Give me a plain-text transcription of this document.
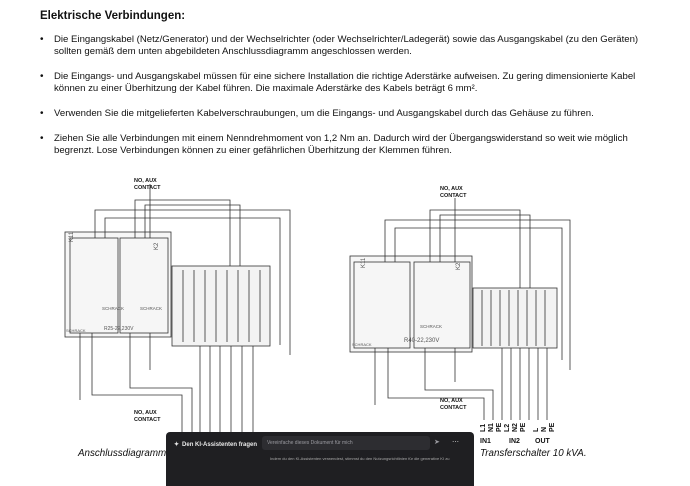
Elektrische Verbindungen:
• Die Eingangskabel (Netz/Generator) und der Wechselrichter (oder Wechselrichter/Ladegerät) sowie das Ausgangskabel (zu den Geräten) sollten gemäß dem unten abgebildeten Anschlussdiagramm angeschlossen werden.
• Die Eingangs- und Ausgangskabel müssen für eine sichere Installation die richtige Aderstärke aufweisen. Zu gering dimensionierte Kabel können zu einer Überhitzung der Kabel führen. Die maximale Aderstärke des Kabels beträgt 6 mm².
• Verwenden Sie die mitgelieferten Kabelverschraubungen, um die Eingangs- und Ausgangskabel durch das Gehäuse zu führen.
• Ziehen Sie alle Verbindungen mit einem Nenndrehmoment von 1,2 Nm an. Dadurch wird der Übergangswiderstand so weit wie möglich begrenzt. Lose Verbindungen können zu einer gefährlichen Überhitzung der Klemmen führen.
NO, AUX
CONTACT
NO, AUX
CONTACT
K11
K2
SCHRACK	SCHRACK
SCHRACK	R25-22,230V
NO, AUX
CONTACT
NO, AUX
CONTACT
K11	K2
SCHRACK
SCHRACK
R40-22,230V
L1 N1 PE L2 N2 PE L N PE
IN1	IN2 OUT
Anschlussdiagramm	Transferschalter 10 kVA.
✦ Den KI-Assistenten fragen	Vereinfache dieses Dokument für mich	➤ ⋯
Indem du den KI-Assistenten verwendest, stimmst du den Nutzungsrichtlinien für die generative KI zu
